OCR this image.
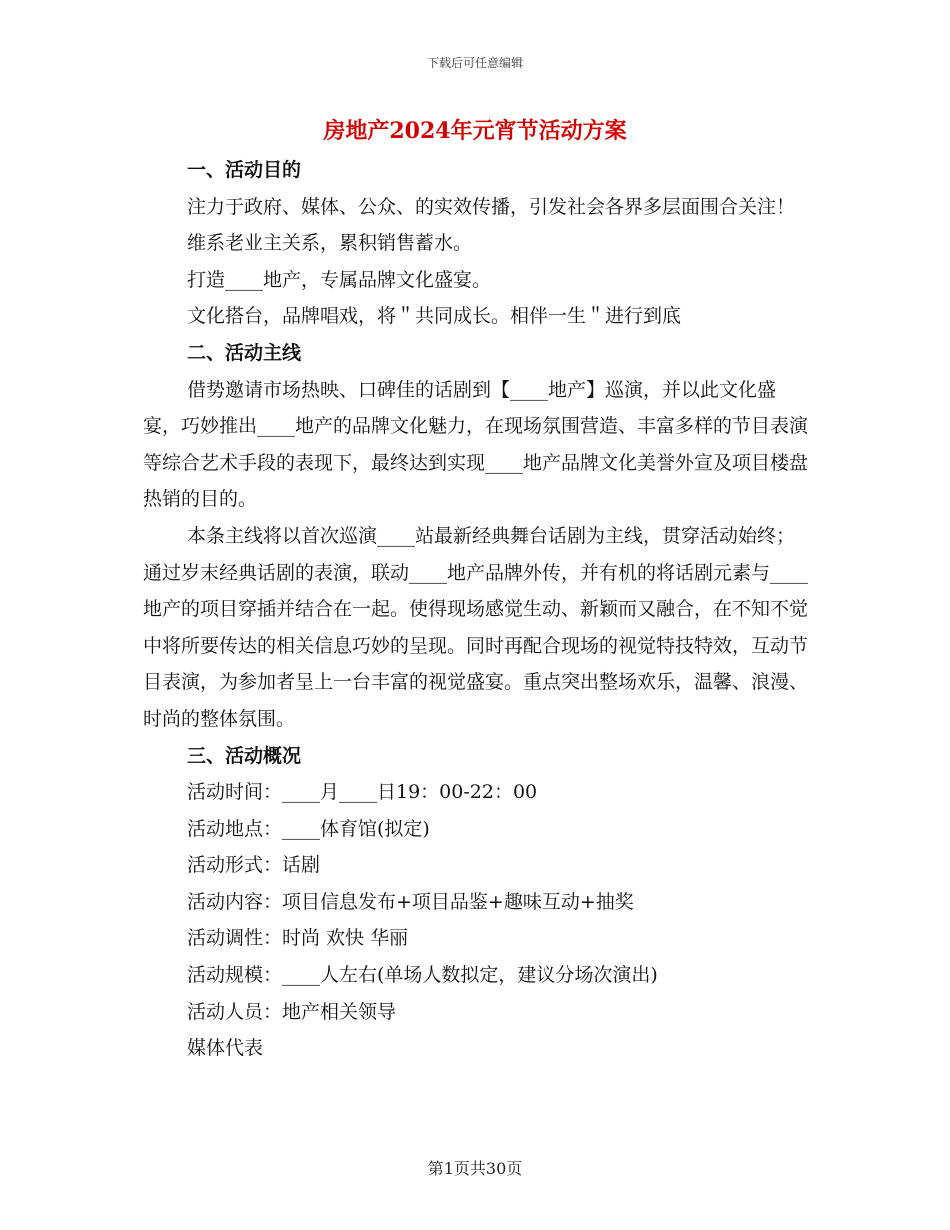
下载后可任意编辑
房地产2024年元宵节活动方案
一、活动目的

注力于政府、媒体、公众、的实效传播，引发社会各界多层面围合关注！

维系老业主关系，累积销售蓄水。

打造____地产，专属品牌文化盛宴。

文化搭台，品牌唱戏，将＂共同成长。相伴一生＂进行到底

二、活动主线

借势邀请市场热映、口碑佳的话剧到【____地产】巡演，并以此文化盛宴，巧妙推出____地产的品牌文化魅力，在现场氛围营造、丰富多样的节目表演等综合艺术手段的表现下，最终达到实现____地产品牌文化美誉外宣及项目楼盘热销的目的。

本条主线将以首次巡演____站最新经典舞台话剧为主线，贯穿活动始终；通过岁末经典话剧的表演，联动____地产品牌外传，并有机的将话剧元素与____地产的项目穿插并结合在一起。使得现场感觉生动、新颖而又融合，在不知不觉中将所要传达的相关信息巧妙的呈现。同时再配合现场的视觉特技特效，互动节目表演，为参加者呈上一台丰富的视觉盛宴。重点突出整场欢乐，温馨、浪漫、时尚的整体氛围。

三、活动概况

活动时间：____月____日19：00-22：00

活动地点：____体育馆(拟定)

活动形式：话剧

活动内容：项目信息发布+项目品鉴+趣味互动+抽奖

活动调性：时尚 欢快 华丽

活动规模：____人左右(单场人数拟定，建议分场次演出)

活动人员：地产相关领导

媒体代表

第1页共30页
